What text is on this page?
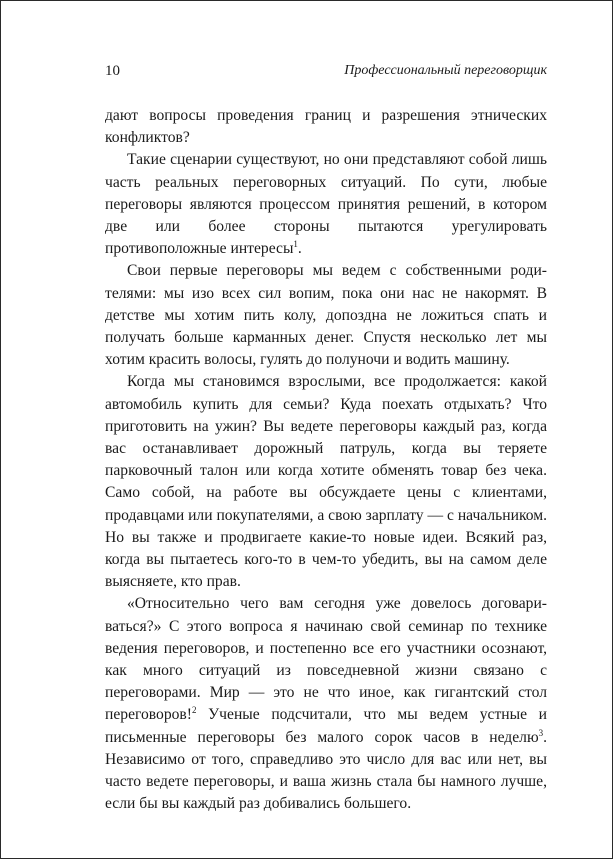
10	Профессиональный переговорщик

дают вопросы проведения границ и разрешения этнических конфликтов?

Такие сценарии существуют, но они представляют собой лишь часть реальных переговорных ситуаций. По сути, любые переговоры являются процессом принятия решений, в котором две или более стороны пытаются урегулировать противоположные интересы$^1$.

Свои первые переговоры мы ведем с собственными родителями: мы изо всех сил вопим, пока они нас не накормят. В детстве мы хотим пить колу, допоздна не ложиться спать и получать больше карманных денег. Спустя несколько лет мы хотим красить волосы, гулять до полуночи и водить машину.

Когда мы становимся взрослыми, все продолжается: какой автомобиль купить для семьи? Куда поехать отдыхать? Что приготовить на ужин? Вы ведете переговоры каждый раз, когда вас останавливает дорожный патруль, когда вы теряете парковочный талон или когда хотите обменять товар без чека. Само собой, на работе вы обсуждаете цены с клиентами, продавцами или покупателями, а свою зарплату — с начальником. Но вы также и продвигаете какие-то новые идеи. Всякий раз, когда вы пытаетесь кого-то в чем-то убедить, вы на самом деле выясняете, кто прав.

«Относительно чего вам сегодня уже довелось договариваться?» С этого вопроса я начинаю свой семинар по технике ведения переговоров, и постепенно все его участники осознают, как много ситуаций из повседневной жизни связано с переговорами. Мир — это не что иное, как гигантский стол переговоров!$^2$ Ученые подсчитали, что мы ведем устные и письменные переговоры без малого сорок часов в неделю$^3$. Независимо от того, справедливо это число для вас или нет, вы часто ведете переговоры, и ваша жизнь стала бы намного лучше, если бы вы каждый раз добивались большего.
